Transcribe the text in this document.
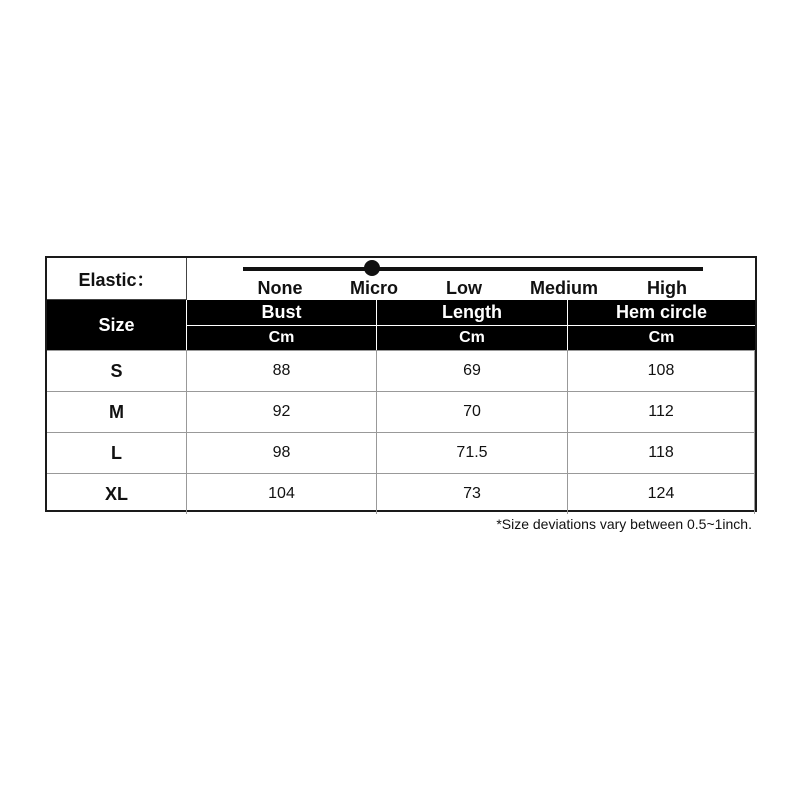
Elastic：	None	Micro	Low	Medium	High
Size
Bust	Length	Hem circle
Cm	Cm	Cm
S	88	69	108
M	92	70	112
L	98	71.5	118
XL	104	73	124
*Size deviations vary between 0.5~1inch.
